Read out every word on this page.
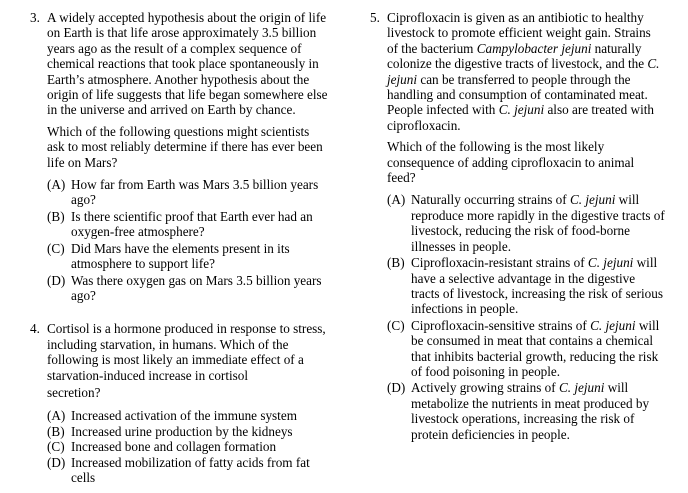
3. A widely accepted hypothesis about the origin of life on Earth is that life arose approximately 3.5 billion years ago as the result of a complex sequence of chemical reactions that took place spontaneously in Earth’s atmosphere. Another hypothesis about the origin of life suggests that life began somewhere else in the universe and arrived on Earth by chance.

Which of the following questions might scientists ask to most reliably determine if there has ever been life on Mars?

(A) How far from Earth was Mars 3.5 billion years ago?
(B) Is there scientific proof that Earth ever had an oxygen-free atmosphere?
(C) Did Mars have the elements present in its atmosphere to support life?
(D) Was there oxygen gas on Mars 3.5 billion years ago?
4. Cortisol is a hormone produced in response to stress, including starvation, in humans. Which of the following is most likely an immediate effect of a starvation-induced increase in cortisol

secretion?

(A) Increased activation of the immune system
(B) Increased urine production by the kidneys
(C) Increased bone and collagen formation
(D) Increased mobilization of fatty acids from fat cells
5. Ciprofloxacin is given as an antibiotic to healthy livestock to promote efficient weight gain. Strains of the bacterium Campylobacter jejuni naturally colonize the digestive tracts of livestock, and the C. jejuni can be transferred to people through the handling and consumption of contaminated meat. People infected with C. jejuni also are treated with ciprofloxacin.

Which of the following is the most likely consequence of adding ciprofloxacin to animal feed?

(A) Naturally occurring strains of C. jejuni will reproduce more rapidly in the digestive tracts of livestock, reducing the risk of food-borne illnesses in people.
(B) Ciprofloxacin-resistant strains of C. jejuni will have a selective advantage in the digestive tracts of livestock, increasing the risk of serious infections in people.
(C) Ciprofloxacin-sensitive strains of C. jejuni will be consumed in meat that contains a chemical that inhibits bacterial growth, reducing the risk of food poisoning in people.
(D) Actively growing strains of C. jejuni will metabolize the nutrients in meat produced by livestock operations, increasing the risk of protein deficiencies in people.
